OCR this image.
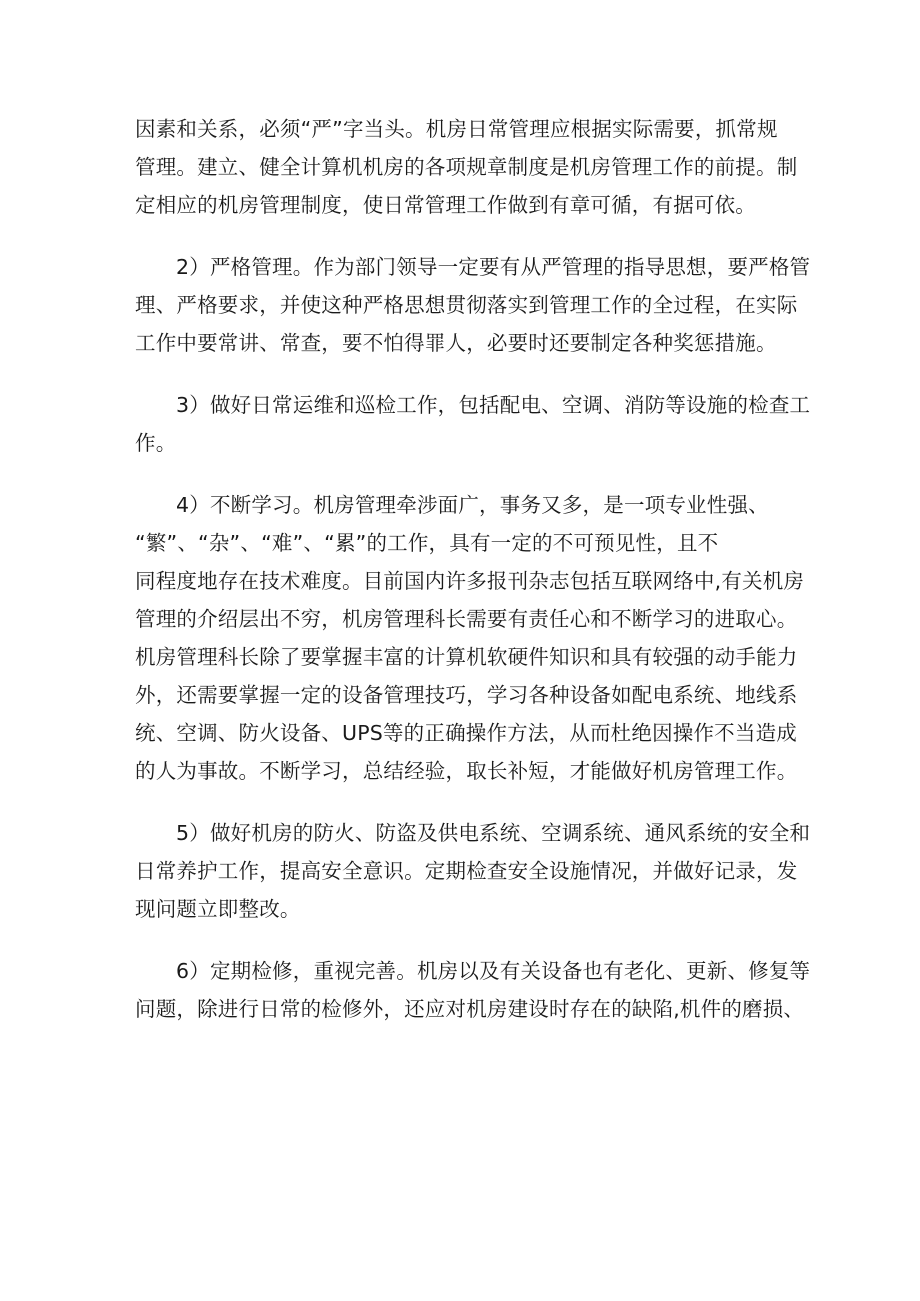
因素和关系，必须“严”字当头。机房日常管理应根据实际需要，抓常规
管理。建立、健全计算机机房的各项规章制度是机房管理工作的前提。制
定相应的机房管理制度，使日常管理工作做到有章可循，有据可依。
2）严格管理。作为部门领导一定要有从严管理的指导思想，要严格管
理、严格要求，并使这种严格思想贯彻落实到管理工作的全过程，在实际
工作中要常讲、常查，要不怕得罪人，必要时还要制定各种奖惩措施。
3）做好日常运维和巡检工作，包括配电、空调、消防等设施的检查工
作。
4）不断学习。机房管理牵涉面广，事务又多，是一项专业性强、
“繁”、“杂”、“难”、“累”的工作，具有一定的不可预见性，且不
同程度地存在技术难度。目前国内许多报刊杂志包括互联网络中,有关机房
管理的介绍层出不穷，机房管理科长需要有责任心和不断学习的进取心。
机房管理科长除了要掌握丰富的计算机软硬件知识和具有较强的动手能力
外，还需要掌握一定的设备管理技巧，学习各种设备如配电系统、地线系
统、空调、防火设备、UPS等的正确操作方法，从而杜绝因操作不当造成
的人为事故。不断学习，总结经验，取长补短，才能做好机房管理工作。
5）做好机房的防火、防盗及供电系统、空调系统、通风系统的安全和
日常养护工作，提高安全意识。定期检查安全设施情况，并做好记录，发
现问题立即整改。
6）定期检修，重视完善。机房以及有关设备也有老化、更新、修复等
问题，除进行日常的检修外，还应对机房建设时存在的缺陷,机件的磨损、
